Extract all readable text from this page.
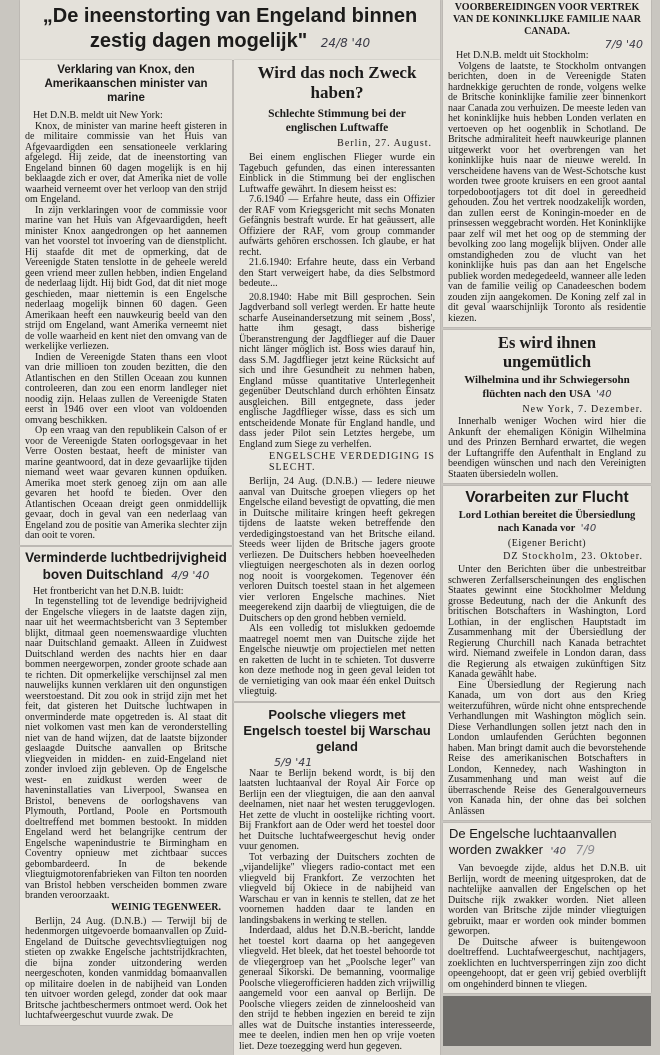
„De ineenstorting van Engeland binnen zestig dagen mogelijk" 24/8 '40
Verklaring van Knox, den Amerikaanschen minister van marine

Het D.N.B. meldt uit New York:

Knox, de minister van marine heeft gisteren in de militaire commissie van het Huis van Afgevaardigden een sensationeele verklaring afgelegd. Hij zeide, dat de ineenstorting van Engeland binnen 60 dagen mogelijk is en hij beklaagde zich er over, dat Amerika niet de volle waarheid verneemt over het verloop van den strijd om Engeland.

In zijn verklaringen voor de commissie voor marine van het Huis van Afgevaardigden, heeft minister Knox aangedrongen op het aannemen van het voorstel tot invoering van de dienstplicht. Hij staafde dit met de opmerking, dat de Vereenigde Staten tenslotte in de geheele wereld geen vriend meer zullen hebben, indien Engeland de nederlaag lijdt. Hij bidt God, dat dit niet moge geschieden, maar niettemin is een Engelsche nederlaag mogelijk binnen 60 dagen. Geen Amerikaan heeft een nauwkeurig beeld van den strijd om Engeland, want Amerika verneemt niet de volle waarheid en kent niet den omvang van de werkelijke verliezen.

Indien de Vereenigde Staten thans een vloot van drie millioen ton zouden bezitten, die den Atlantischen en den Stillen Oceaan zou kunnen controleeren, dan zou een enorm landleger niet noodig zijn. Helaas zullen de Vereenigde Staten eerst in 1946 over een vloot van voldoenden omvang beschikken.

Op een vraag van den republikein Calson of er voor de Vereenigde Staten oorlogsgevaar in het Verre Oosten bestaat, heeft de minister van marine geantwoord, dat in deze gevaarlijke tijden niemand weet waar gevaren kunnen opduiken. Amerika moet sterk genoeg zijn om aan alle gevaren het hoofd te bieden. Over den Atlantischen Oceaan dreigt geen onmiddellijk gevaar, doch in geval van een nederlaag van Engeland zou de positie van Amerika slechter zijn dan ooit te voren.

Verminderde luchtbedrijvigheid boven Duitschland 4/9 '40

Het frontbericht van het D.N.B. luidt:

In tegenstelling tot de levendige bedrijvigheid der Engelsche vliegers in de laatste dagen zijn, naar uit het weermachtsbericht van 3 September blijkt, ditmaal geen noemenswaardige vluchten naar Duitschland gemaakt. Alleen in Zuidwest Duitschland werden des nachts hier en daar bommen neergeworpen, zonder groote schade aan te richten. Dit opmerkelijke verschijnsel zal men nauwelijks kunnen verklaren uit den ongunstigen weerstoestand. Dit zou ook in strijd zijn met het feit, dat gisteren het Duitsche luchtwapen in onverminderde mate opgetreden is. Al staat dit niet volkomen vast men kan de veronderstelling niet van de hand wijzen, dat de laatste bijzonder geslaagde Duitsche aanvallen op Britsche vliegveiden in midden- en zuid-Engeland niet zonder invloed zijn gebleven. Op de Engelsche west- en zuidkust werden weer de haveninstallaties van Liverpool, Swansea en Bristol, benevens de oorlogshavens van Plymouth, Portland, Poole en Portsmouth doeltreffend met bommen bestookt. In midden Engeland werd het belangrijke centrum der Engelsche wapenindustrie te Birmingham en Coventry opnieuw met zichtbaar succes gebombardeerd. In de bekende vliegtuigmotorenfabrieken van Filton ten noorden van Bristol hebben verscheiden bommen zware branden veroorzaakt.

WEINIG TEGENWEER.

Berlijn, 24 Aug. (D.N.B.) — Terwijl bij de hedenmorgen uitgevoerde bomaanvallen op Zuid-Engeland de Duitsche gevechtsvliegtuigen nog stieten op zwakke Engelsche jachtstrijdkrachten, die bijna zonder uitzondering werden neergeschoten, konden vanmiddag bomaanvallen op militaire doelen in de nabijheid van Londen ten uitvoer worden gelegd, zonder dat ook maar Britsche jachtbeschermers ontmoet werd. Ook het luchtafweergeschut vuurde zwak. De

Wird das noch Zweck haben?
Schlechte Stimmung bei der englischen Luftwaffe
Berlin, 27. August.

Bei einem englischen Flieger wurde ein Tagebuch gefunden, das einen interessanten Einblick in die Stimmung bei der englischen Luftwaffe gewährt. In diesem heisst es:

7.6.1940 — Erfahre heute, dass ein Offizier der RAF vom Kriegsgericht mit sechs Monaten Gefängnis bestraft wurde. Er hat geäussert, alle Offiziere der RAF, vom group commander aufwärts gehören erschossen. Ich glaube, er hat recht.

21.6.1940: Erfahre heute, dass ein Verband den Start verweigert habe, da dies Selbstmord bedeute...

20.8.1940: Habe mit Bill gesprochen. Sein Jagdverband soll verlegt werden. Er hatte heute scharfe Auseinandersetzung mit seinem ‚Boss', hatte ihm gesagt, dass bisherige Überanstrengung der Jagdflieger auf die Dauer nicht länger möglich ist. Boss wies darauf hin, dass S.M. Jagdflieger jetzt keine Rücksicht auf sich und ihre Gesundheit zu nehmen haben, England müsse quantitative Unterlegenheit gegenüber Deutschland durch erhöhten Einsatz ausgleichen. Bill entgegnete, dass jeder englische Jagdflieger wisse, dass es sich um entscheidende Monate für England handle, und dass jeder Pilot sein Letztes hergebe, um England zum Siege zu verhelfen.

ENGELSCHE VERDEDIGING IS SLECHT.

Berlijn, 24 Aug. (D.N.B.) — Iedere nieuwe aanval van Duitsche groepen vliegers op het Engelsche eiland bevestigt de opvatting, die men in Duitsche militaire kringen heeft gekregen tijdens de laatste weken betreffende den verdedigingstoestand van het Britsche eiland. Steeds weer lijden de Britsche jagers groote verliezen. De Duitschers hebben hoeveelheden vliegtuigen neergeschoten als in dezen oorlog nog nooit is voorgekomen. Tegenover één verloren Duitsch toestel staan in het algemeen vier verloren Engelsche machines. Niet meegerekend zijn daarbij de vliegtuigen, die de Duitschers op den grond hebben vernield.

Als een volledig tot mislukken gedoemde maatregel noemt men van Duitsche zijde het Engelsche nieuwtje om projectielen met netten en raketten de lucht in te schieten. Tot dusverre kon deze methode nog in geen geval leiden tot de vernietiging van ook maar één enkel Duitsch vliegtuig.

Poolsche vliegers met Engelsch toestel bij Warschau geland
5/9 '41

Naar te Berlijn bekend wordt, is bij den laatsten luchtaanval der Royal Air Force op Berlijn een der vliegtuigen, die aan den aanval deelnamen, niet naar het westen teruggevlogen. Het zette de vlucht in oostelijke richting voort. Bij Frankfort aan de Oder werd het toestel door het Duitsche luchtafweergeschut hevig onder vuur genomen.

Tot verbazing der Duitschers zochten de „vijandelijke" vliegers radio-contact met een vliegveld bij Frankfort. Ze verzochten het vliegveld bij Okiece in de nabijheid van Warschau er van in kennis te stellen, dat ze het voornemen hadden daar te landen en landingsbakens in werking te stellen.

Inderdaad, aldus het D.N.B.-bericht, landde het toestel kort daarna op het aangegeven vliegveld. Het bleek, dat het toestel behoorde tot de vliegergroep van het „Poolsche leger" van generaal Sikorski. De bemanning, voormalige Poolsche vliegerofficieren hadden zich vrijwillig aangemeld voor een aanval op Berlijn. De Poolsche vliegers zeiden de zinneloosheid van den strijd te hebben ingezien en bereid te zijn alles wat de Duitsche instanties interesseerde, mee te deelen, indien men hen op vrije voeten liet. Deze toezegging werd hun gegeven.

VOORBEREIDINGEN VOOR VERTREK VAN DE KONINKLIJKE FAMILIE NAAR CANADA.
7/9 '40

Het D.N.B. meldt uit Stockholm:

Volgens de laatste, te Stockholm ontvangen berichten, doen in de Vereenigde Staten hardnekkige geruchten de ronde, volgens welke de Britsche koninklijke familie zeer binnenkort naar Canada zou verhuizen. De meeste leden van het koninklijke huis hebben Londen verlaten en vertoeven op het oogenblik in Schotland. De Britsche admiraliteit heeft nauwkeurige plannen uitgewerkt voor het overbrengen van het koninklijke huis naar de nieuwe wereld. In verscheidene havens van de West-Schotsche kust worden twee groote kruisers en een groot aantal torpedobootjagers tot dit doel in gereedheid gehouden. Zou het vertrek noodzakelijk worden, dan zullen eerst de Koningin-moeder en de prinsessen weggebracht worden. Het Koninklijke paar zelf wil met het oog op de stemming der bevolking zoo lang mogelijk blijven. Onder alle omstandigheden zou de vlucht van het koninklijke huis pas dan aan het Engelsche publiek worden medegedeeld, wanneer alle leden van de familie veilig op Canadeeschen bodem zouden zijn aangekomen. De Koning zelf zal in dit geval waarschijnlijk Toronto als residentie kiezen.

Es wird ihnen ungemütlich
Wilhelmina und ihr Schwiegersohn flüchten nach den USA '40
New York, 7. Dezember.

Innerhalb weniger Wochen wird hier die Ankunft der ehemaligen Königin Wilhelmina und des Prinzen Bernhard erwartet, die wegen der Luftangriffe den Aufenthalt in England zu beendigen wünschen und nach den Vereinigten Staaten übersiedeln wollen.

Vorarbeiten zur Flucht
Lord Lothian bereitet die Übersiedlung nach Kanada vor '40
(Eigener Bericht)
DZ Stockholm, 23. Oktober.

Unter den Berichten über die unbestreitbar schweren Zerfallserscheinungen des englischen Staates gewinnt eine Stockholmer Meldung grosse Bedeutung, nach der die Ankunft des britischen Botschafters in Washington, Lord Lothian, in der englischen Hauptstadt im Zusammenhang mit der Übersiedlung der Regierung Churchill nach Kanada betrachtet wird. Niemand zweifele in London daran, dass die Regierung als etwaigen zukünftigen Sitz Kanada gewählt habe.

Eine Übersiedlung der Regierung nach Kanada, um von dort aus den Krieg weiterzuführen, würde nicht ohne entsprechende Verhandlungen mit Washington möglich sein. Diese Verhandlungen sollen jetzt nach den in London umlaufenden Gerüchten begonnen haben. Man bringt damit auch die bevorstehende Reise des amerikanischen Botschafters in London, Kennedey, nach Washington in Zusammenhang und man weist auf die überraschende Reise des Generalgouverneurs von Kanada hin, der ohne das bei solchen Anlässen

De Engelsche luchtaanvallen worden zwakker '40 7/9

Van bevoegde zijde, aldus het D.N.B. uit Berlijn, wordt de meening uitgesproken, dat de nachtelijke aanvallen der Engelschen op het Duitsche rijk zwakker worden. Niet alleen worden van Britsche zijde minder vliegtuigen gebruikt, maar er worden ook minder bommen geworpen.

De Duitsche afweer is buitengewoon doeltreffend. Luchtafweergeschut, nachtjagers, zoeklichten en luchtversperringen zijn zoo dicht opeengehoopt, dat er geen vrij gebied overblijft om ongehinderd binnen te vliegen.
